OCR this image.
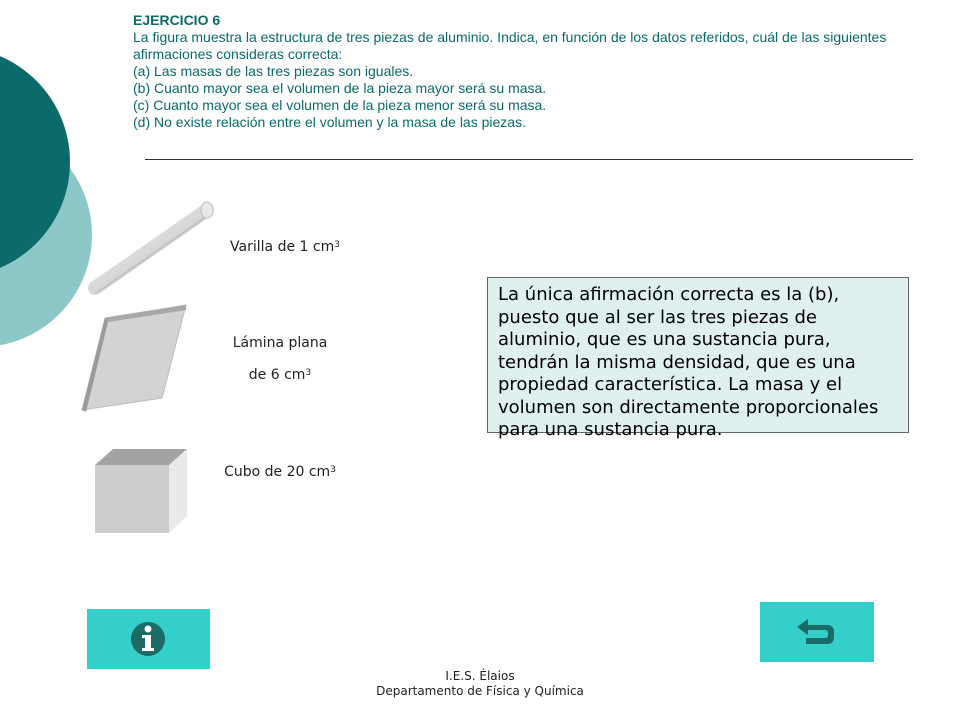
EJERCICIO 6
La figura muestra la estructura de tres piezas de aluminio. Indica, en función de los datos referidos, cuál de las siguientes afirmaciones consideras correcta:
(a) Las masas de las tres piezas son iguales.
(b) Cuanto mayor sea el volumen de la pieza mayor será su masa.
(c) Cuanto mayor sea el volumen de la pieza menor será su masa.
(d) No existe relación entre el volumen y la masa de las piezas.
Varilla de 1 $cm^3$
Lámina plana
de 6 $cm^3$
Cubo de 20 $cm^3$
La única afirmación correcta es la (b), puesto que al ser las tres piezas de aluminio, que es una sustancia pura, tendrán la misma densidad, que es una propiedad característica. La masa y el volumen son directamente proporcionales para una sustancia pura.
I.E.S. Élaios
Departamento de Física y Química
